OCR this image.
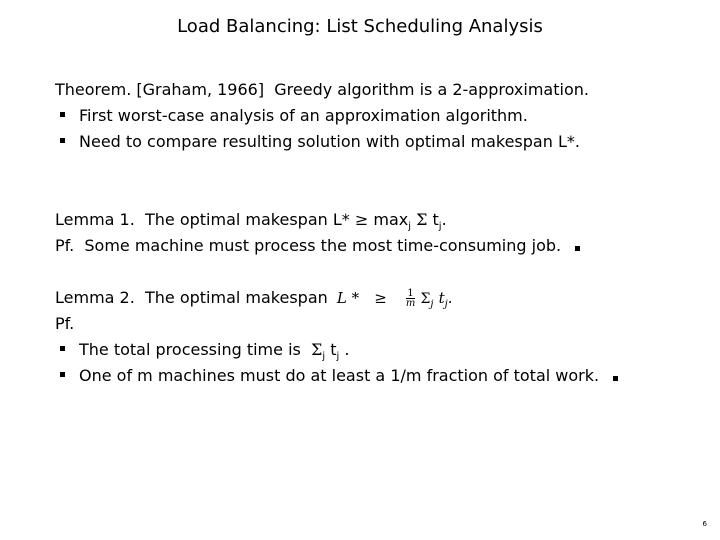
Load Balancing: List Scheduling Analysis
Theorem. [Graham, 1966] Greedy algorithm is a 2-approximation.
First worst-case analysis of an approximation algorithm.
Need to compare resulting solution with optimal makespan L*.
Lemma 1. The optimal makespan $L* \ge \max_j \Sigma$ $t_j$.
Pf. Some machine must process the most time-consuming job.
Lemma 2. The optimal makespan L * ≥ $\frac{1}{m} \Sigma_j$ $t_j$.
Pf.
The total processing time is $\Sigma_j$ $t_j$ .
One of m machines must do at least a 1/m fraction of total work.
6
